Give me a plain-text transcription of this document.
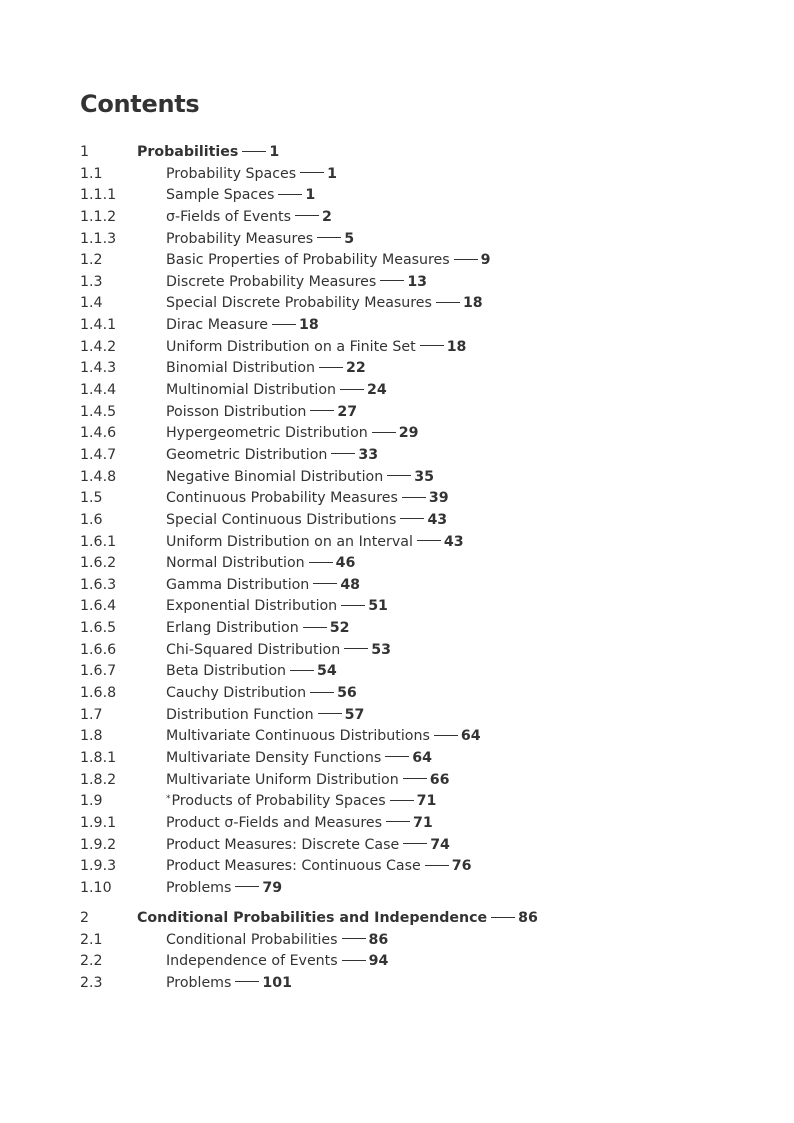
Contents
1	Probabilities 1
1.1	Probability Spaces 1
1.1.1	Sample Spaces 1
1.1.2	σ-Fields of Events 2
1.1.3	Probability Measures 5
1.2	Basic Properties of Probability Measures 9
1.3	Discrete Probability Measures 13
1.4	Special Discrete Probability Measures 18
1.4.1	Dirac Measure 18
1.4.2	Uniform Distribution on a Finite Set 18
1.4.3	Binomial Distribution 22
1.4.4	Multinomial Distribution 24
1.4.5	Poisson Distribution 27
1.4.6	Hypergeometric Distribution 29
1.4.7	Geometric Distribution 33
1.4.8	Negative Binomial Distribution 35
1.5	Continuous Probability Measures 39
1.6	Special Continuous Distributions 43
1.6.1	Uniform Distribution on an Interval 43
1.6.2	Normal Distribution 46
1.6.3	Gamma Distribution 48
1.6.4	Exponential Distribution 51
1.6.5	Erlang Distribution 52
1.6.6	Chi-Squared Distribution 53
1.6.7	Beta Distribution 54
1.6.8	Cauchy Distribution 56
1.7	Distribution Function 57
1.8	Multivariate Continuous Distributions 64
1.8.1	Multivariate Density Functions 64
1.8.2	Multivariate Uniform Distribution 66
1.9	*Products of Probability Spaces 71
1.9.1	Product σ-Fields and Measures 71
1.9.2	Product Measures: Discrete Case 74
1.9.3	Product Measures: Continuous Case 76
1.10	Problems 79
2	Conditional Probabilities and Independence 86
2.1	Conditional Probabilities 86
2.2	Independence of Events 94
2.3	Problems 101
